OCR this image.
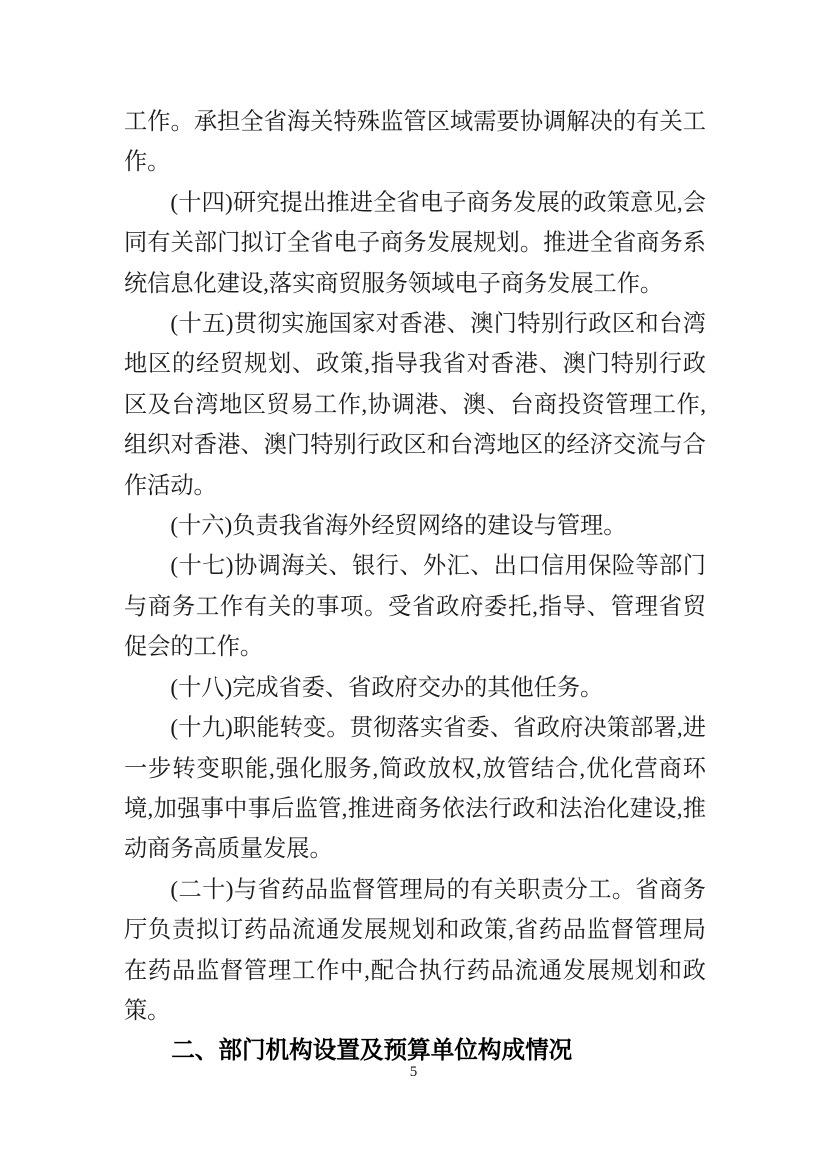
工作。承担全省海关特殊监管区域需要协调解决的有关工作。

(十四)研究提出推进全省电子商务发展的政策意见,会同有关部门拟订全省电子商务发展规划。推进全省商务系统信息化建设,落实商贸服务领域电子商务发展工作。

(十五)贯彻实施国家对香港、澳门特别行政区和台湾地区的经贸规划、政策,指导我省对香港、澳门特别行政区及台湾地区贸易工作,协调港、澳、台商投资管理工作,组织对香港、澳门特别行政区和台湾地区的经济交流与合作活动。

(十六)负责我省海外经贸网络的建设与管理。

(十七)协调海关、银行、外汇、出口信用保险等部门与商务工作有关的事项。受省政府委托,指导、管理省贸促会的工作。

(十八)完成省委、省政府交办的其他任务。

(十九)职能转变。贯彻落实省委、省政府决策部署,进一步转变职能,强化服务,简政放权,放管结合,优化营商环境,加强事中事后监管,推进商务依法行政和法治化建设,推动商务高质量发展。

(二十)与省药品监督管理局的有关职责分工。省商务厅负责拟订药品流通发展规划和政策,省药品监督管理局在药品监督管理工作中,配合执行药品流通发展规划和政策。

二、部门机构设置及预算单位构成情况

5
